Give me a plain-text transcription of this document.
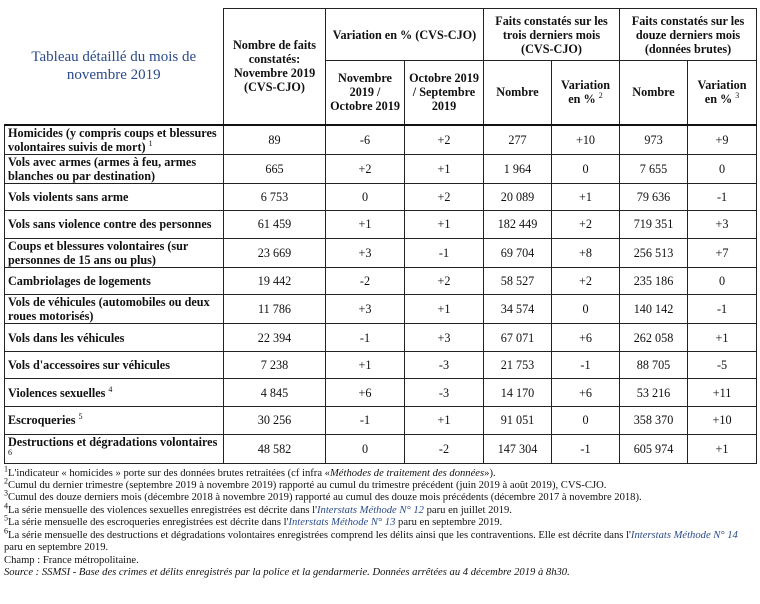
Tableau détaillé du mois de novembre 2019	Nombre de faits constatés: Novembre 2019 (CVS-CJO)	Variation en % (CVS-CJO)		Faits constatés sur les trois derniers mois (CVS-CJO)		Faits constatés sur les douze derniers mois (données brutes)	
		Novembre 2019 / Octobre 2019	Octobre 2019 / Septembre 2019	Nombre	Variation en % $^2$	Nombre	Variation en % $^3$
Homicides (y compris coups et blessures volontaires suivis de mort) $^1$	89	-6	+2	277	+10	973	+9
Vols avec armes (armes à feu, armes blanches ou par destination)	665	+2	+1	1 964	0	7 655	0
Vols violents sans arme	6 753	0	+2	20 089	+1	79 636	-1
Vols sans violence contre des personnes	61 459	+1	+1	182 449	+2	719 351	+3
Coups et blessures volontaires (sur personnes de 15 ans ou plus)	23 669	+3	-1	69 704	+8	256 513	+7
Cambriolages de logements	19 442	-2	+2	58 527	+2	235 186	0
Vols de véhicules (automobiles ou deux roues motorisés)	11 786	+3	+1	34 574	0	140 142	-1
Vols dans les véhicules	22 394	-1	+3	67 071	+6	262 058	+1
Vols d'accessoires sur véhicules	7 238	+1	-3	21 753	-1	88 705	-5
Violences sexuelles $^4$	4 845	+6	-3	14 170	+6	53 216	+11
Escroqueries $^5$	30 256	-1	+1	91 051	0	358 370	+10
Destructions et dégradations volontaires $^6$	48 582	0	-2	147 304	-1	605 974	+1

$^1$L'indicateur « homicides » porte sur des données brutes retraitées (cf infra «Méthodes de traitement des données»).

$^2$Cumul du dernier trimestre (septembre 2019 à novembre 2019) rapporté au cumul du trimestre précédent (juin 2019 à août 2019), CVS-CJO.

$^3$Cumul des douze derniers mois (décembre 2018 à novembre 2019) rapporté au cumul des douze mois précédents (décembre 2017 à novembre 2018).

$^4$La série mensuelle des violences sexuelles enregistrées est décrite dans l'Interstats Méthode N° 12 paru en juillet 2019.

$^5$La série mensuelle des escroqueries enregistrées est décrite dans l'Interstats Méthode N° 13 paru en septembre 2019.

$^6$La série mensuelle des destructions et dégradations volontaires enregistrées comprend les délits ainsi que les contraventions. Elle est décrite dans l'Interstats Méthode N° 14 paru en septembre 2019.

Champ : France métropolitaine.

Source : SSMSI - Base des crimes et délits enregistrés par la police et la gendarmerie. Données arrêtées au 4 décembre 2019 à 8h30.
